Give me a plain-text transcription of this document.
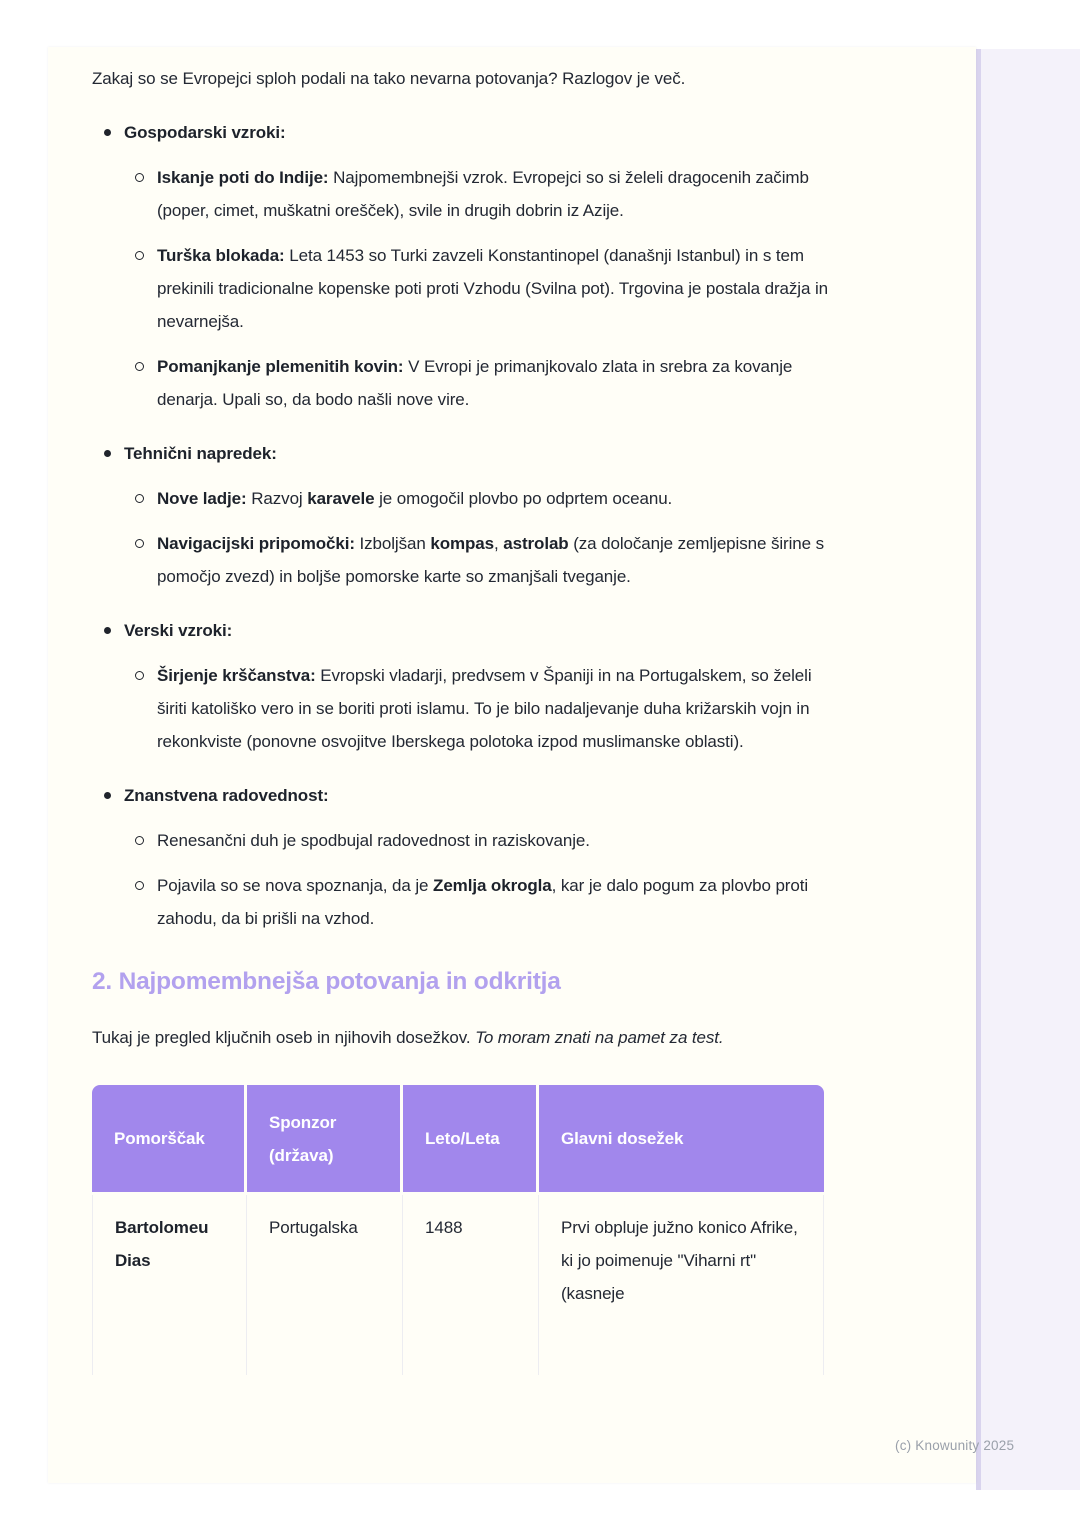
Zakaj so se Evropejci sploh podali na tako nevarna potovanja? Razlogov je več.

Gospodarski vzroki:
Iskanje poti do Indije: Najpomembnejši vzrok. Evropejci so si želeli dragocenih začimb (poper, cimet, muškatni orešček), svile in drugih dobrin iz Azije.
Turška blokada: Leta 1453 so Turki zavzeli Konstantinopel (današnji Istanbul) in s tem prekinili tradicionalne kopenske poti proti Vzhodu (Svilna pot). Trgovina je postala dražja in nevarnejša.
Pomanjkanje plemenitih kovin: V Evropi je primanjkovalo zlata in srebra za kovanje denarja. Upali so, da bodo našli nove vire.
Tehnični napredek:
Nove ladje: Razvoj karavele je omogočil plovbo po odprtem oceanu.
Navigacijski pripomočki: Izboljšan kompas, astrolab (za določanje zemljepisne širine s pomočjo zvezd) in boljše pomorske karte so zmanjšali tveganje.
Verski vzroki:
Širjenje krščanstva: Evropski vladarji, predvsem v Španiji in na Portugalskem, so želeli širiti katoliško vero in se boriti proti islamu. To je bilo nadaljevanje duha križarskih vojn in rekonkviste (ponovne osvojitve Iberskega polotoka izpod muslimanske oblasti).
Znanstvena radovednost:
Renesančni duh je spodbujal radovednost in raziskovanje.
Pojavila so se nova spoznanja, da je Zemlja okrogla, kar je dalo pogum za plovbo proti zahodu, da bi prišli na vzhod.
2. Najpomembnejša potovanja in odkritja

Tukaj je pregled ključnih oseb in njihovih dosežkov. To moram znati na pamet za test.

Pomorščak	Sponzor (država)	Leto/Leta	Glavni dosežek
Bartolomeu Dias	Portugalska	1488	Prvi obpluje južno konico Afrike, ki jo poimenuje "Viharni rt" (kasneje
(c) Knowunity 2025
